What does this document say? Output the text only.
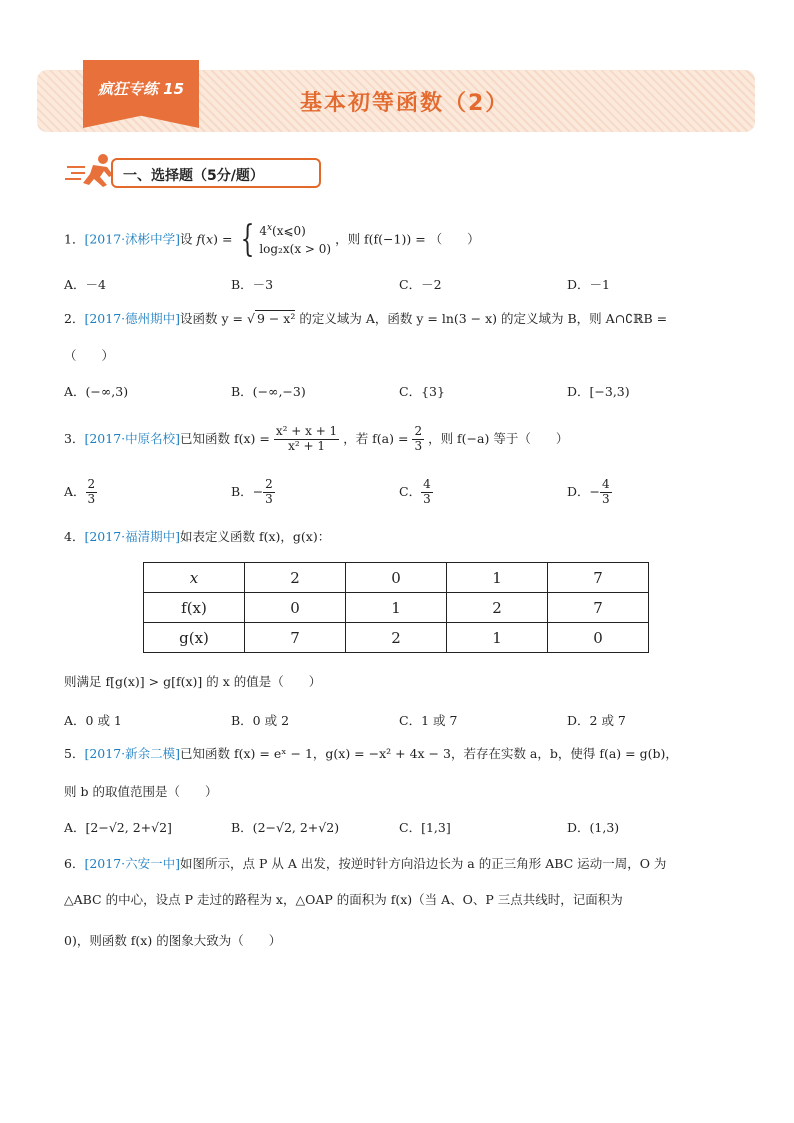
疯狂专练 15
基本初等函数（2）
一、选择题（5分/题）
1．[2017·沭彬中学]设 f(x) = { 4$^x$(x⩽0)
log₂x(x > 0)
，则 f(f(−1)) = （　　）
A．－4	B．－3	C．－2	D．－1
2．[2017·德州期中]设函数 y = √ 9 − x² 的定义域为 A，函数 y = ln(3 − x) 的定义域为 B，则 A∩∁ℝB =
（　　）
A．(−∞,3)	B．(−∞,−3)	C．{3}	D．[−3,3)
3．[2017·中原名校]已知函数 $f(x) = \frac{\text{x² + x + 1}}{\text{x² + 1}}$ ，若 $f(a) = \frac{2}{3}$ ，则 f(−a) 等于（　　）
A． $\frac{2}{3}$	B．− $\frac{2}{3}$	C． $\frac{4}{3}$	D．− $\frac{4}{3}$
4．[2017·福清期中]如表定义函数 f(x)，g(x)：
x	2	0	1	7
f(x)	0	1	2	7
g(x)	7	2	1	0
则满足 f[g(x)] > g[f(x)] 的 x 的值是（　　）
A．0 或 1	B．0 或 2	C．1 或 7	D．2 或 7
5．[2017·新余二模]已知函数 f(x) = eˣ − 1，g(x) = −x² + 4x − 3，若存在实数 a，b，使得 f(a) = g(b)，
则 b 的取值范围是（　　）
A．[2−√2, 2+√2]	B．(2−√2, 2+√2)	C．[1,3]	D．(1,3)
6．[2017·六安一中]如图所示，点 P 从 A 出发，按逆时针方向沿边长为 a 的正三角形 ABC 运动一周，O 为
△ABC 的中心，设点 P 走过的路程为 x，△OAP 的面积为 f(x)（当 A、O、P 三点共线时，记面积为
0)，则函数 f(x) 的图象大致为（　　）
